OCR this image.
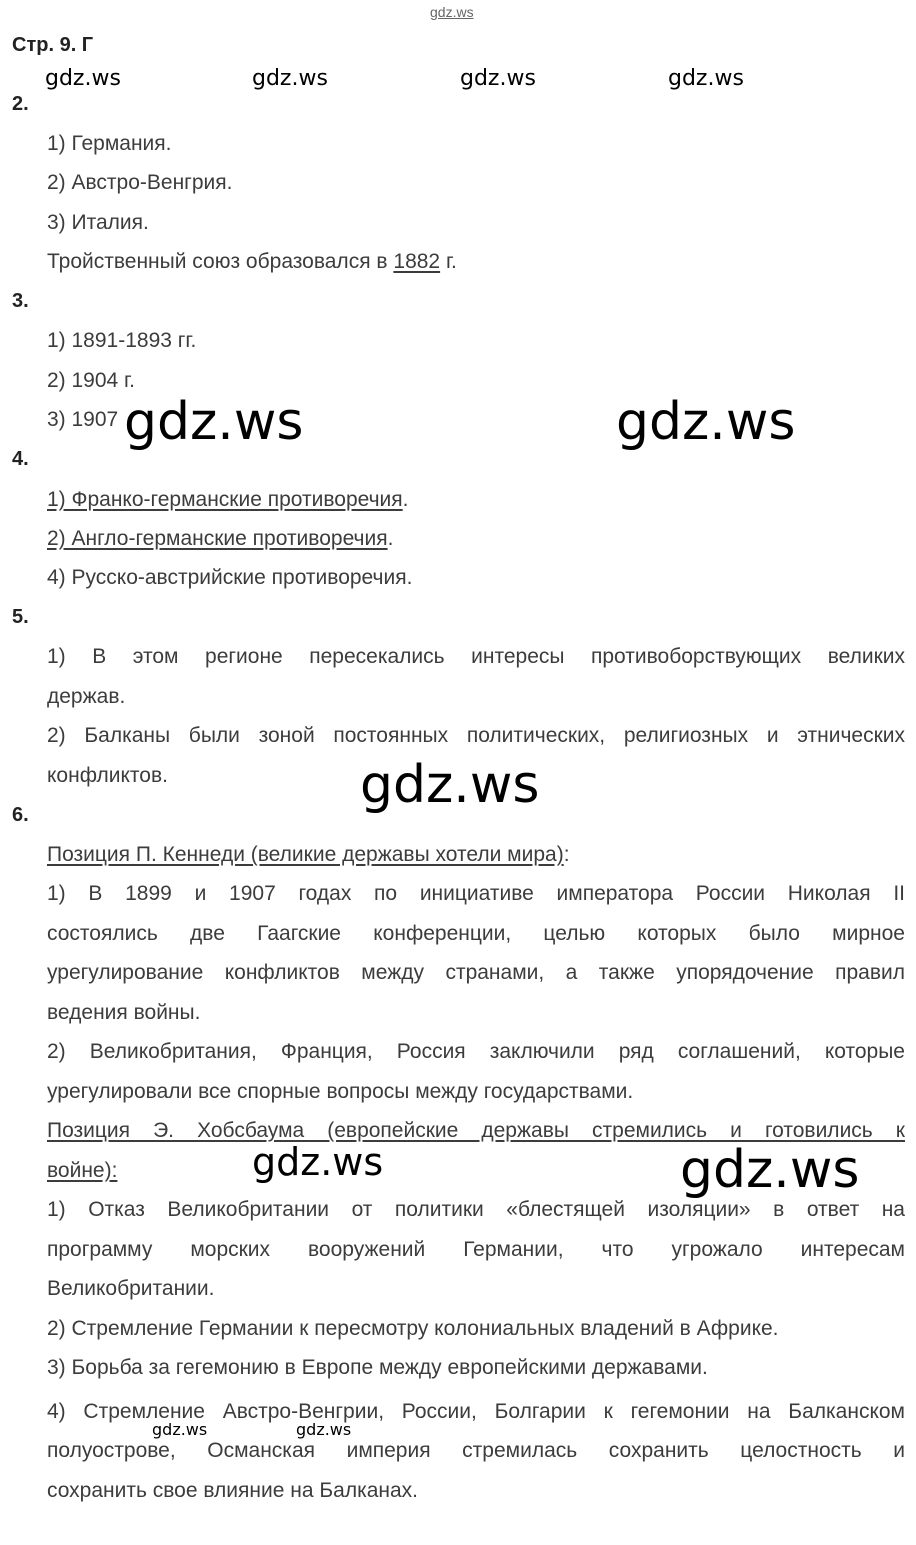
gdz.ws
Стр. 9. Г
gdz.ws	gdz.ws	gdz.ws	gdz.ws
2.
1) Германия.
2) Австро-Венгрия.
3) Италия.
Тройственный союз образовался в 1882 г.
3.
1) 1891-1893 гг.
2) 1904 г.
3) 1907 gdz.ws	gdz.ws
4.
1) Франко-германские противоречия.
2) Англо-германские противоречия.
4) Русско-австрийские противоречия.
5.
1) В этом регионе пересекались интересы противоборствующих великих
держав.
2) Балканы были зоной постоянных политических, религиозных и этнических
конфликтов.	gdz.ws
6.
Позиция П. Кеннеди (великие державы хотели мира):
1) В 1899 и 1907 годах по инициативе императора России Николая II
состоялись две Гаагские конференции, целью которых было мирное
урегулирование конфликтов между странами, а также упорядочение правил
ведения войны.
2) Великобритания, Франция, Россия заключили ряд соглашений, которые
урегулировали все спорные вопросы между государствами.
Позиция Э. Хобсбаума (европейские державы стремились и готовились к
войне):	gdz.ws	gdz.ws
1) Отказ Великобритании от политики «блестящей изоляции» в ответ на
программу морских вооружений Германии, что угрожало интересам
Великобритании.
2) Стремление Германии к пересмотру колониальных владений в Африке.
3) Борьба за гегемонию в Европе между европейскими державами.
4) Стремление Австро-Венгрии, России, Болгарии к гегемонии на Балканском
полуострове, Османская империя стремилась сохранить целостность и
сохранить свое влияние на Балканах.
gdz.ws	gdz.ws
